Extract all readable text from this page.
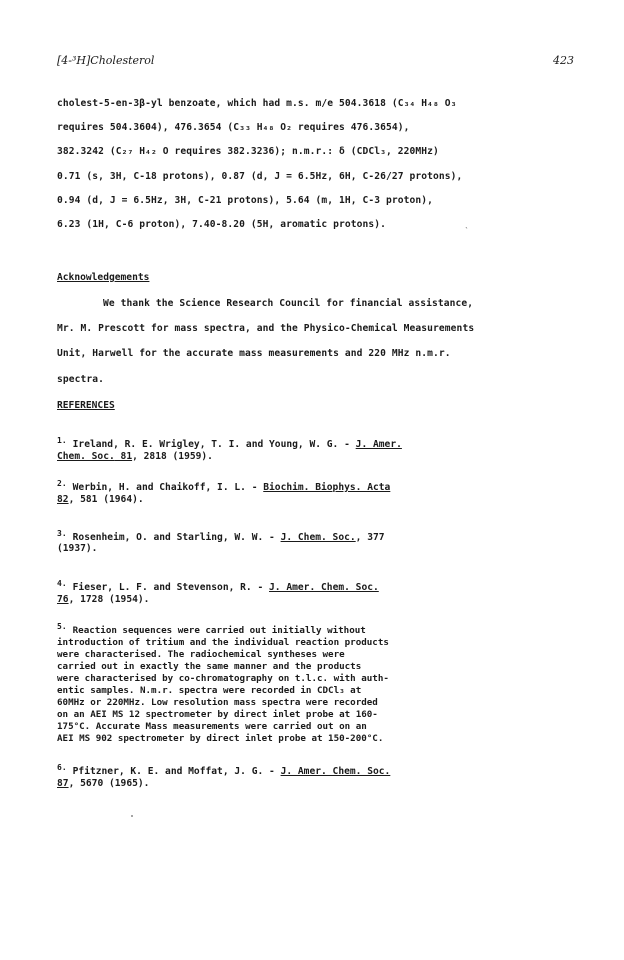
[4-³H]Cholesterol	423
cholest-5-en-3β-yl benzoate, which had m.s. m/e 504.3618 (C₃₄ H₄₈ O₃
requires 504.3604), 476.3654 (C₃₃ H₄₈ O₂ requires 476.3654),
382.3242 (C₂₇ H₄₂ O requires 382.3236); n.m.r.: δ (CDCl₃, 220MHz)
0.71 (s, 3H, C-18 protons), 0.87 (d, J = 6.5Hz, 6H, C-26/27 protons),
0.94 (d, J = 6.5Hz, 3H, C-21 protons), 5.64 (m, 1H, C-3 proton),
6.23 (1H, C-6 proton), 7.40-8.20 (5H, aromatic protons).	ˎ
Acknowledgements
We thank the Science Research Council for financial assistance,
Mr. M. Prescott for mass spectra, and the Physico-Chemical Measurements
Unit, Harwell for the accurate mass measurements and 220 MHz n.m.r.
spectra.
REFERENCES
$^{1.}$ Ireland, R. E. Wrigley, T. I. and Young, W. G. - J. Amer.
Chem. Soc. 81, 2818 (1959).
$^{2.}$ Werbin, H. and Chaikoff, I. L. - Biochim. Biophys. Acta
82, 581 (1964).
$^{3.}$ Rosenheim, O. and Starling, W. W. - J. Chem. Soc., 377
(1937).
$^{4.}$ Fieser, L. F. and Stevenson, R. - J. Amer. Chem. Soc.
76, 1728 (1954).
5. Reaction sequences were carried out initially without
introduction of tritium and the individual reaction products
were characterised. The radiochemical syntheses were
carried out in exactly the same manner and the products
were characterised by co-chromatography on t.l.c. with auth-
entic samples. N.m.r. spectra were recorded in CDCl₃ at
60MHz or 220MHz. Low resolution mass spectra were recorded
on an AEI MS 12 spectrometer by direct inlet probe at 160-
175°C. Accurate Mass measurements were carried out on an
AEI MS 902 spectrometer by direct inlet probe at 150-200°C.
$^{6.}$ Pfitzner, K. E. and Moffat, J. G. - J. Amer. Chem. Soc.
87, 5670 (1965).
